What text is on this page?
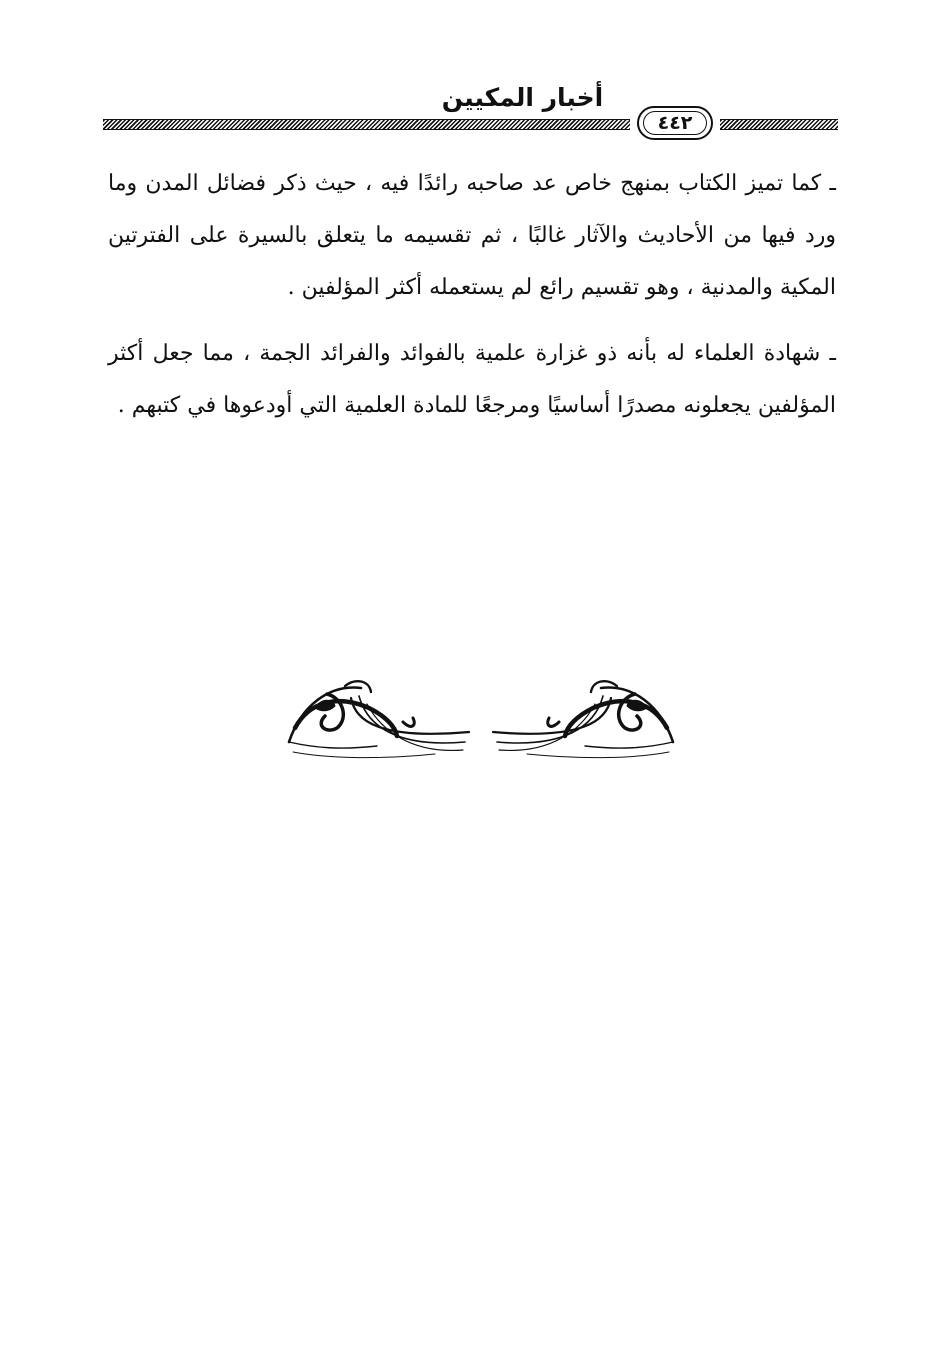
أخبار المكيين
٤٤٢

ـ كما تميز الكتاب بمنهج خاص عد صاحبه رائدًا فيه ، حيث ذكر فضائل المدن وما ورد فيها من الأحاديث والآثار غالبًا ، ثم تقسيمه ما يتعلق بالسيرة على الفترتين المكية والمدنية ، وهو تقسيم رائع لم يستعمله أكثر المؤلفين .

ـ شهادة العلماء له بأنه ذو غزارة علمية بالفوائد والفرائد الجمة ، مما جعل أكثر المؤلفين يجعلونه مصدرًا أساسيًا ومرجعًا للمادة العلمية التي أودعوها في كتبهم .
